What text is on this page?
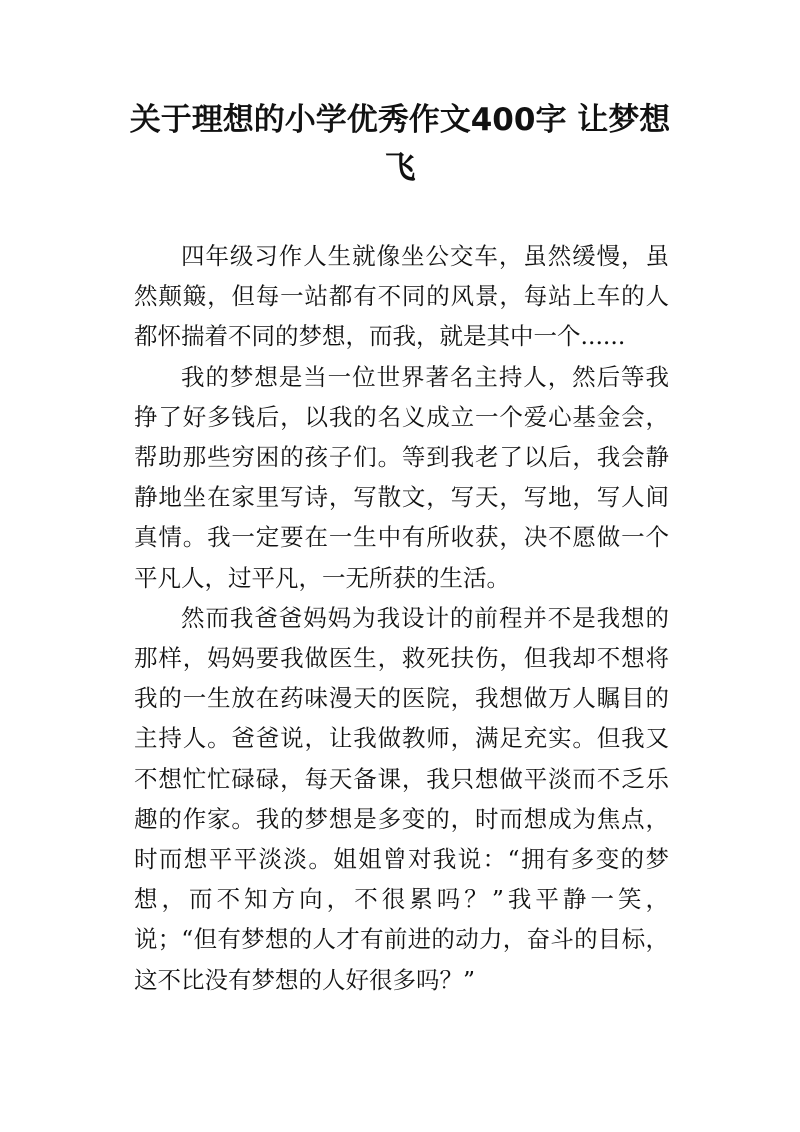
关于理想的小学优秀作文400字 让梦想飞

四年级习作人生就像坐公交车，虽然缓慢，虽然颠簸，但每一站都有不同的风景，每站上车的人都怀揣着不同的梦想，而我，就是其中一个......

我的梦想是当一位世界著名主持人，然后等我挣了好多钱后，以我的名义成立一个爱心基金会，帮助那些穷困的孩子们。等到我老了以后，我会静静地坐在家里写诗，写散文，写天，写地，写人间真情。我一定要在一生中有所收获，决不愿做一个平凡人，过平凡，一无所获的生活。

然而我爸爸妈妈为我设计的前程并不是我想的那样，妈妈要我做医生，救死扶伤，但我却不想将我的一生放在药味漫天的医院，我想做万人瞩目的主持人。爸爸说，让我做教师，满足充实。但我又不想忙忙碌碌，每天备课，我只想做平淡而不乏乐趣的作家。我的梦想是多变的，时而想成为焦点，时而想平平淡淡。姐姐曾对我说：“拥有多变的梦想，而不知方向，不很累吗？”我平静一笑，说；“但有梦想的人才有前进的动力，奋斗的目标，这不比没有梦想的人好很多吗？”
